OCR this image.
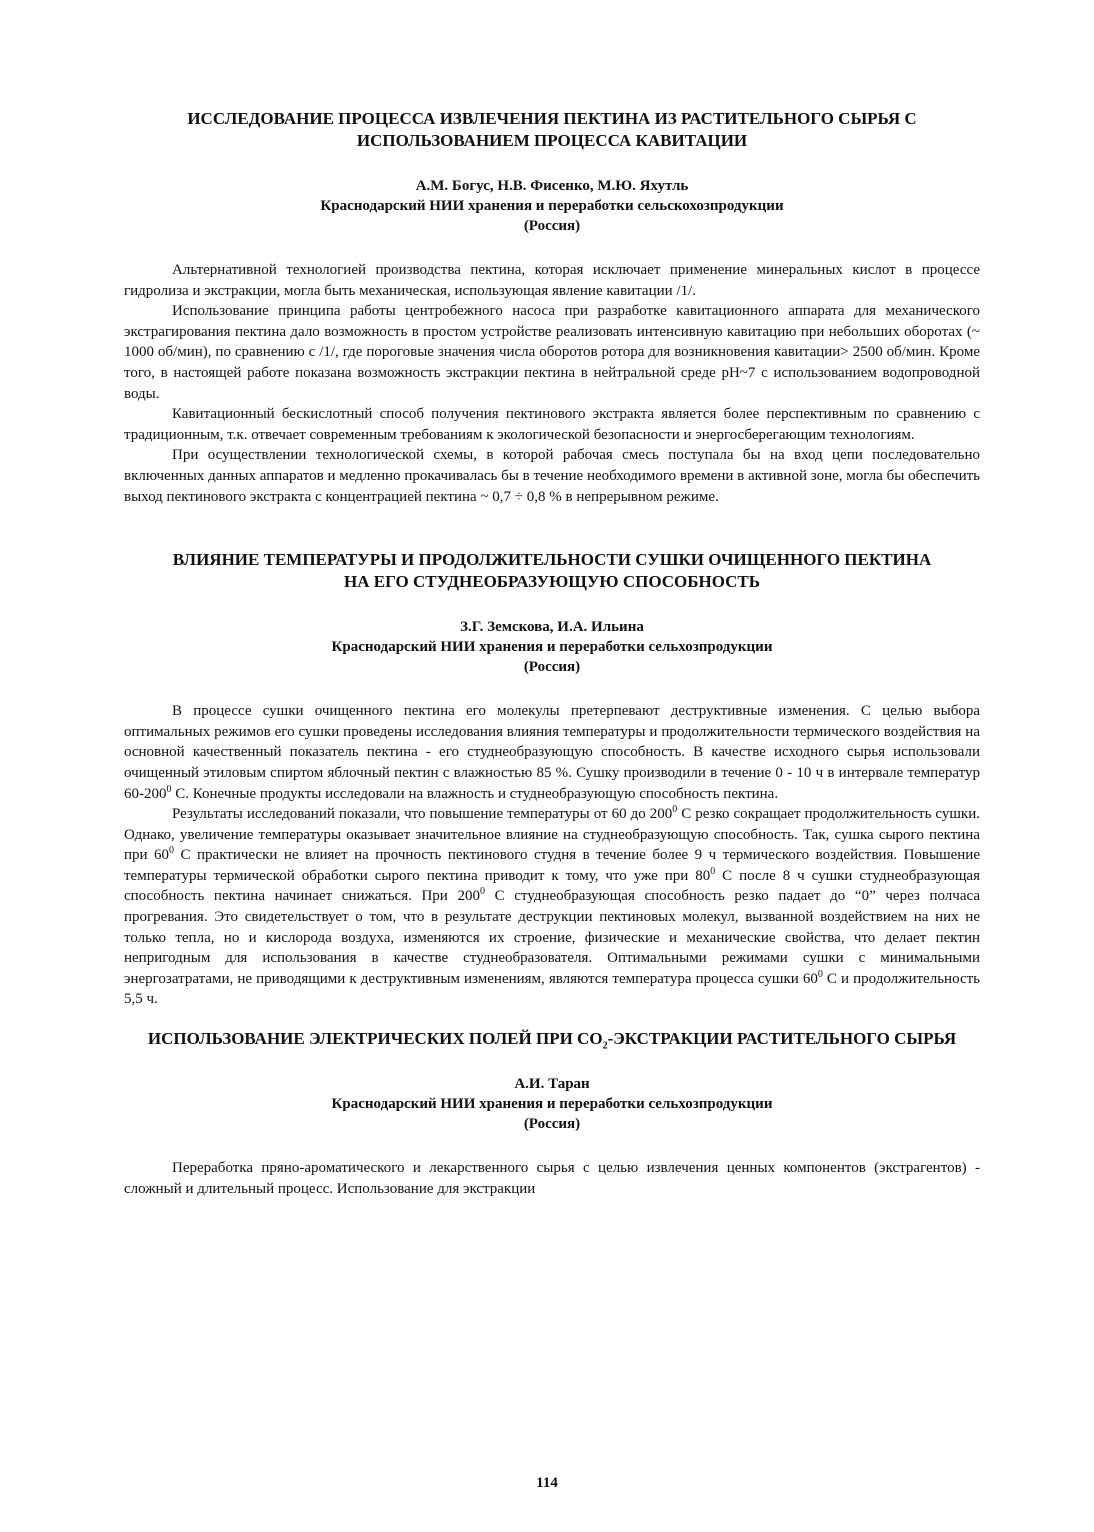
ИССЛЕДОВАНИЕ ПРОЦЕССА ИЗВЛЕЧЕНИЯ ПЕКТИНА ИЗ РАСТИТЕЛЬНОГО СЫРЬЯ С ИСПОЛЬЗОВАНИЕМ ПРОЦЕССА КАВИТАЦИИ

А.М. Богус, Н.В. Фисенко, М.Ю. Яхутль

Краснодарский НИИ хранения и переработки сельскохозпродукции

(Россия)

Альтернативной технологией производства пектина, которая исключает применение минеральных кислот в процессе гидролиза и экстракции, могла быть механическая, использующая явление кавитации /1/.

Использование принципа работы центробежного насоса при разработке кавитационного аппарата для механического экстрагирования пектина дало возможность в простом устройстве реализовать интенсивную кавитацию при небольших оборотах (~ 1000 об/мин), по сравнению с /1/, где пороговые значения числа оборотов ротора для возникновения кавитации> 2500 об/мин. Кроме того, в настоящей работе показана возможность экстракции пектина в нейтральной среде рН~7 с использованием водопроводной воды.

Кавитационный бескислотный способ получения пектинового экстракта является более перспективным по сравнению с традиционным, т.к. отвечает современным требованиям к экологической безопасности и энергосберегающим технологиям.

При осуществлении технологической схемы, в которой рабочая смесь поступала бы на вход цепи последовательно включенных данных аппаратов и медленно прокачивалась бы в течение необходимого времени в активной зоне, могла бы обеспечить выход пектинового экстракта с концентрацией пектина ~ 0,7 ÷ 0,8 % в непрерывном режиме.

ВЛИЯНИЕ ТЕМПЕРАТУРЫ И ПРОДОЛЖИТЕЛЬНОСТИ СУШКИ ОЧИЩЕННОГО ПЕКТИНА НА ЕГО СТУДНЕОБРАЗУЮЩУЮ СПОСОБНОСТЬ

З.Г. Земскова, И.А. Ильина

Краснодарский НИИ хранения и переработки сельхозпродукции

(Россия)

В процессе сушки очищенного пектина его молекулы претерпевают деструктивные изменения. С целью выбора оптимальных режимов его сушки проведены исследования влияния температуры и продолжительности термического воздействия на основной качественный показатель пектина - его студнеобразующую способность. В качестве исходного сырья использовали очищенный этиловым спиртом яблочный пектин с влажностью 85 %. Сушку производили в течение 0 - 10 ч в интервале температур $60-200^0$ С. Конечные продукты исследовали на влажность и студнеобразующую способность пектина.

Результаты исследований показали, что повышение температуры от 60 до $200^0$ С резко сокращает продолжительность сушки. Однако, увеличение температуры оказывает значительное влияние на студнеобразующую способность. Так, сушка сырого пектина при $60^0$ С практически не влияет на прочность пектинового студня в течение более 9 ч термического воздействия. Повышение температуры термической обработки сырого пектина приводит к тому, что уже при $80^0$ С после 8 ч сушки студнеобразующая способность пектина начинает снижаться. При $200^0$ С студнеобразующая способность резко падает до “0” через полчаса прогревания. Это свидетельствует о том, что в результате деструкции пектиновых молекул, вызванной воздействием на них не только тепла, но и кислорода воздуха, изменяются их строение, физические и механические свойства, что делает пектин непригодным для использования в качестве студнеобразователя. Оптимальными режимами сушки с минимальными энергозатратами, не приводящими к деструктивным изменениям, являются температура процесса сушки $60^0$ С и продолжительность 5,5 ч.

ИСПОЛЬЗОВАНИЕ ЭЛЕКТРИЧЕСКИХ ПОЛЕЙ ПРИ $СО_2$-ЭКСТРАКЦИИ РАСТИТЕЛЬНОГО СЫРЬЯ

А.И. Таран

Краснодарский НИИ хранения и переработки сельхозпродукции

(Россия)

Переработка пряно-ароматического и лекарственного сырья с целью извлечения ценных компонентов (экстрагентов) - сложный и длительный процесс. Использование для экстракции

114
